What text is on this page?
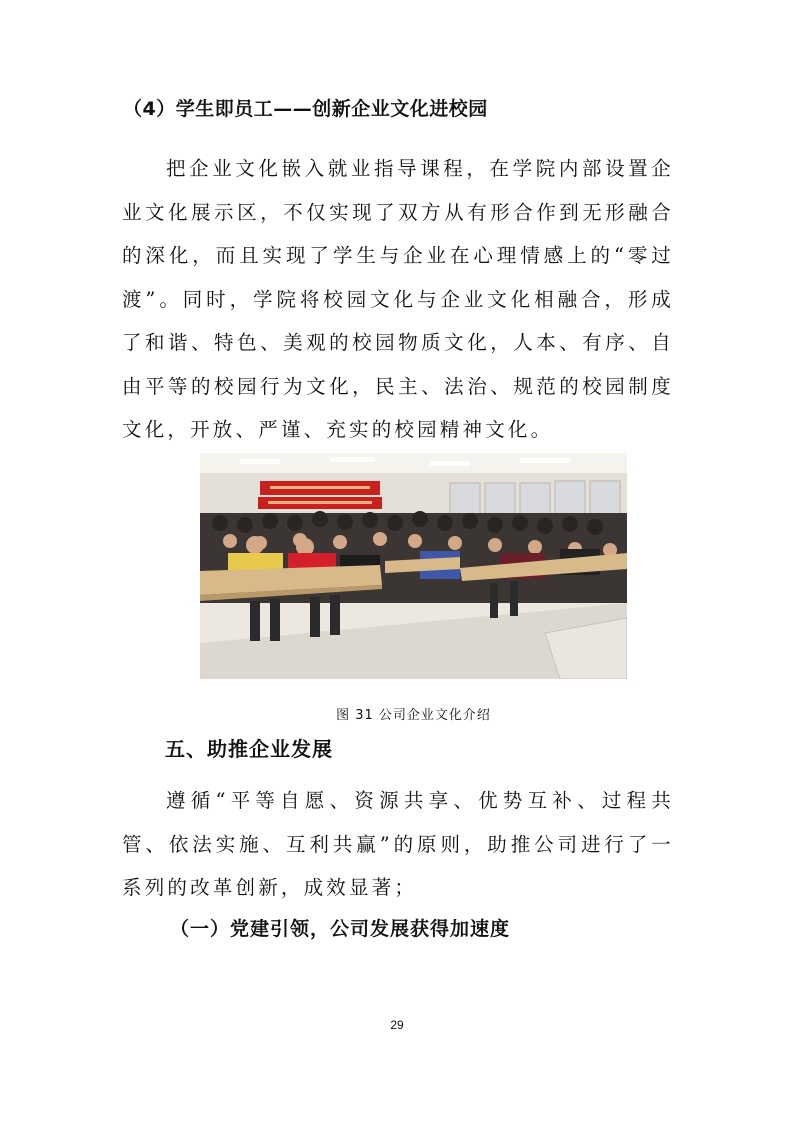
（4）学生即员工——创新企业文化进校园

把企业文化嵌入就业指导课程，在学院内部设置企业文化展示区，不仅实现了双方从有形合作到无形融合的深化，而且实现了学生与企业在心理情感上的“零过渡”。同时，学院将校园文化与企业文化相融合，形成了和谐、特色、美观的校园物质文化，人本、有序、自由平等的校园行为文化，民主、法治、规范的校园制度文化，开放、严谨、充实的校园精神文化。

图 31 公司企业文化介绍
五、助推企业发展

遵循“平等自愿、资源共享、优势互补、过程共管、依法实施、互利共赢”的原则，助推公司进行了一系列的改革创新，成效显著；

（一）党建引领，公司发展获得加速度
29
